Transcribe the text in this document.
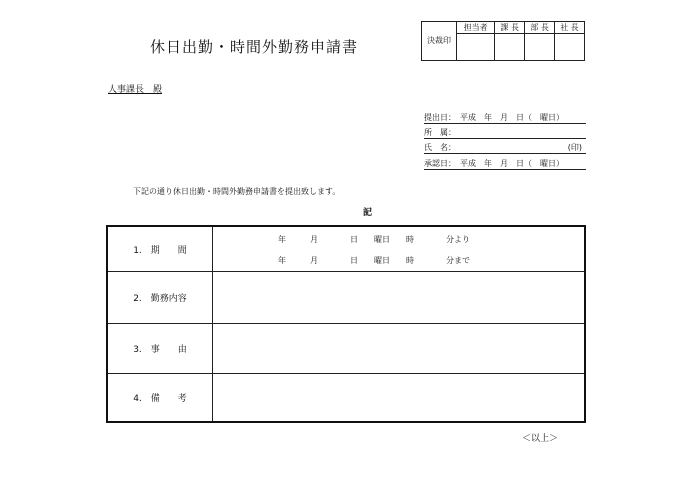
休日出勤・時間外勤務申請書	決裁印	担当者	課 長	部 長	社 長

人事課長　殿
提出日：　平成　年　月　日（　曜日）
所　属：
氏　名：	(印)
承認日：　平成　年　月　日（　曜日）
下記の通り休日出勤・時間外勤務申請書を提出致します。
記
1.　期　　間
年　　　月　　　　日　　曜日　　時　　　　分より
年　　　月　　　　日　　曜日　　時　　　　分まで
2.　勤務内容
3.　事　　由
4.　備　　考
＜以上＞
